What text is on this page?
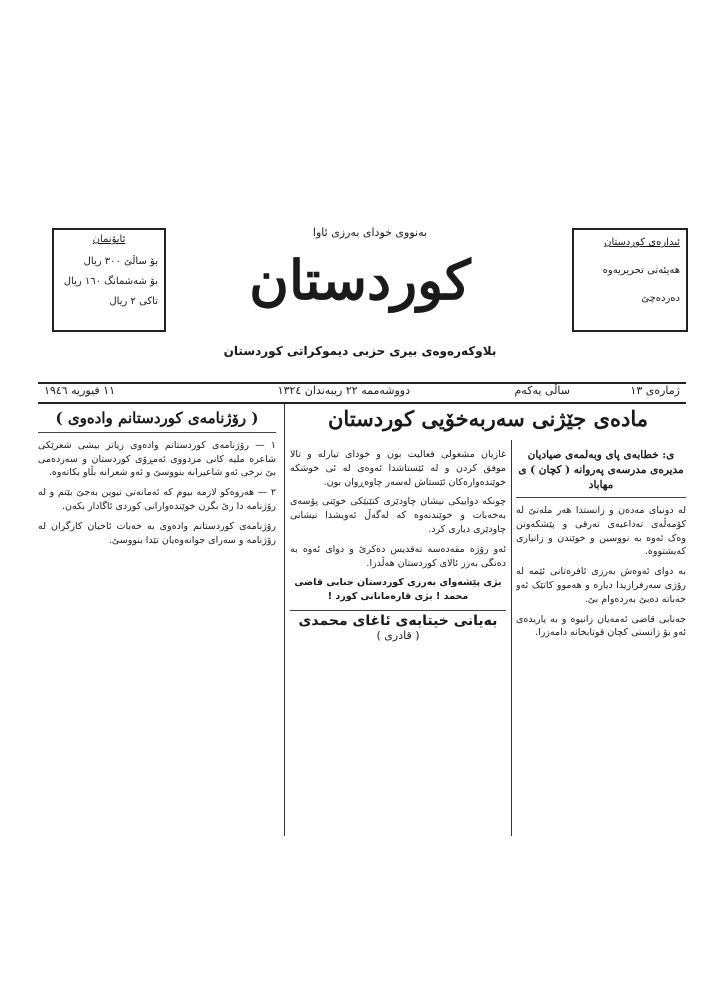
ئابۆنمان
بۆ ساڵێ ٣٠٠ ریال
بۆ شەشمانگ ١٦٠ ریال
تاکی ٢ ریال
ئیدارەی کوردستان
هەیئەتی تحریریەوە
دەردەچێ
بەنووی خودای بەرزی ئاوا
کوردستان
بلاوکەرەوەی بیری حزبی دیموکراتی کوردستان
ژمارەی ١٣
ساڵی یەکەم
دووشەممە ٢٢ ریبەندان ١٣٢٤
١١ فیوریە ١٩٤٦
مادەی جێژنی سەربەخۆیی کوردستان
( رۆژنامەی کوردستانم وادەوی )

١ — رۆژنامەی کوردستانم وادەوی زیاتر بیشی شعرێکی شاعرە ملیە کانی مردووی ئەمڕۆی کوردستان و سەردەمی بێ نرخی ئەو شاعیرانە بنووسێ و ئەو شعرانە بڵاو بکاتەوە.

٢ — هەروەکو لازمە بیوم کە ئەمانەتی تیوین بەجێ بێنم و لە رۆژنامە دا رێ بگرن خوێندەوارانی کوردی ئاگادار بکەن.

رۆژنامەی کوردستانم وادەوی بە خەبات ئاخیان کارگران لە رۆژنامە و سەرای جوانەوەیان تێدا بنووسێ.

غازیان مشغولی فعالیت بون و خودای تیارلە و تالا موفق کردن و لە ئێستاشدا ئەوەی لە ئی خوشکە خوێندەوارەکان ئێستاش لەسەر چاوەڕوان بون.

چونکە دواییکی نیشان چاودێری کتێبێکی خوێنی پۆسەی بەخەبات و خوێندنەوە کە لەگەڵ ئەویشدا نیشانی چاودێری دیاری کرد.

ئەو رۆژە مقەدەسە تەقدیس دەکرێ و دوای ئەوە بە دەنگی بەرز ئالای کوردستان هەڵدرا.

بژی پێشەوای بەرزی کوردستان جنابی قاضی محمد ! بژی قارەمانانی کورد !
بەیانی خیتابەی ئاغای محمدی
( قادری )
ی: خطابەی پای وبەلمەی صیادیان مدیرەی مدرسەی پەروانە ( کچان ) ی مهاباد

لە دونیای مەدەن و زانستدا هەر ملەتێ لە کۆمەڵەی تەداعیەی تەرقی و پێشکەوتن وەک ئەوە بە نووسین و خوێندن و زانیاری کەیشتووە.

بە دوای ئەوەش بەرزی ئافرەتانی ئێمە لە رۆژی سەرفرازیدا دیارە و هەموو کاتێک ئەو خەباتە دەبێ بەردەوام بێ.

جەنابی قاضی ئەمەیان زانیوە و بە یاریدەی ئەو بۆ زانستی کچان قوتابخانە دامەزرا.
